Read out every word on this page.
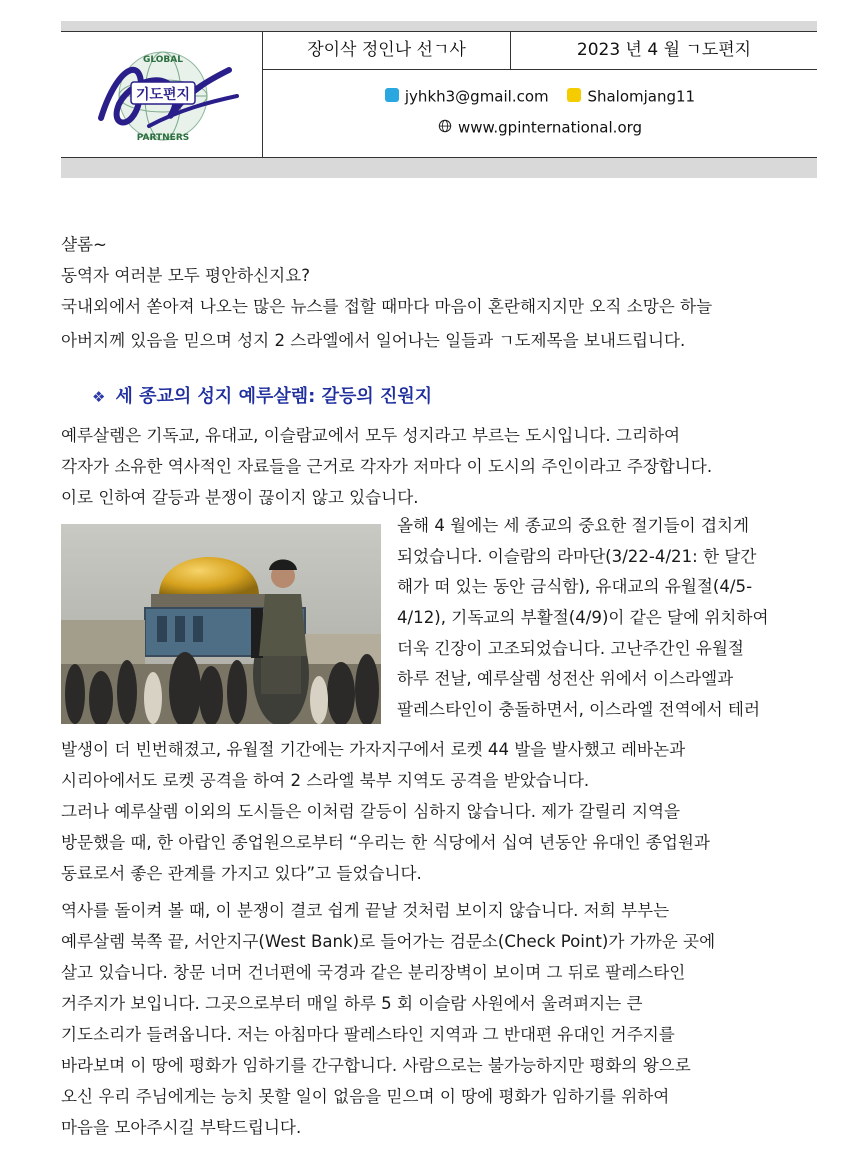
기도편지
GLOBAL
PARTNERS
장이삭 정인나 선ㄱ사	2023 년 4 월 ㄱ도편지
jyhkh3@gmail.com	Shalomjang11
www.gpinternational.org
샬롬~
동역자 여러분 모두 평안하신지요?
국내외에서 쏟아져 나오는 많은 뉴스를 접할 때마다 마음이 혼란해지지만 오직 소망은 하늘
아버지께 있음을 믿으며 성지 2 스라엘에서 일어나는 일들과 ㄱ도제목을 보내드립니다.
❖ 세 종교의 성지 예루살렘: 갈등의 진원지
예루살렘은 기독교, 유대교, 이슬람교에서 모두 성지라고 부르는 도시입니다. 그리하여
각자가 소유한 역사적인 자료들을 근거로 각자가 저마다 이 도시의 주인이라고 주장합니다.
이로 인하여 갈등과 분쟁이 끊이지 않고 있습니다.
올해 4 월에는 세 종교의 중요한 절기들이 겹치게
되었습니다. 이슬람의 라마단(3/22-4/21: 한 달간
해가 떠 있는 동안 금식함), 유대교의 유월절(4/5-
4/12), 기독교의 부활절(4/9)이 같은 달에 위치하여
더욱 긴장이 고조되었습니다. 고난주간인 유월절
하루 전날, 예루살렘 성전산 위에서 이스라엘과
팔레스타인이 충돌하면서, 이스라엘 전역에서 테러
발생이 더 빈번해졌고, 유월절 기간에는 가자지구에서 로켓 44 발을 발사했고 레바논과
시리아에서도 로켓 공격을 하여 2 스라엘 북부 지역도 공격을 받았습니다.
그러나 예루살렘 이외의 도시들은 이처럼 갈등이 심하지 않습니다. 제가 갈릴리 지역을
방문했을 때, 한 아랍인 종업원으로부터 “우리는 한 식당에서 십여 년동안 유대인 종업원과
동료로서 좋은 관계를 가지고 있다”고 들었습니다.
역사를 돌이켜 볼 때, 이 분쟁이 결코 쉽게 끝날 것처럼 보이지 않습니다. 저희 부부는
예루살렘 북쪽 끝, 서안지구(West Bank)로 들어가는 검문소(Check Point)가 가까운 곳에
살고 있습니다. 창문 너머 건너편에 국경과 같은 분리장벽이 보이며 그 뒤로 팔레스타인
거주지가 보입니다. 그곳으로부터 매일 하루 5 회 이슬람 사원에서 울려펴지는 큰
기도소리가 들려옵니다. 저는 아침마다 팔레스타인 지역과 그 반대편 유대인 거주지를
바라보며 이 땅에 평화가 임하기를 간구합니다. 사람으로는 불가능하지만 평화의 왕으로
오신 우리 주님에게는 능치 못할 일이 없음을 믿으며 이 땅에 평화가 임하기를 위하여
마음을 모아주시길 부탁드립니다.
